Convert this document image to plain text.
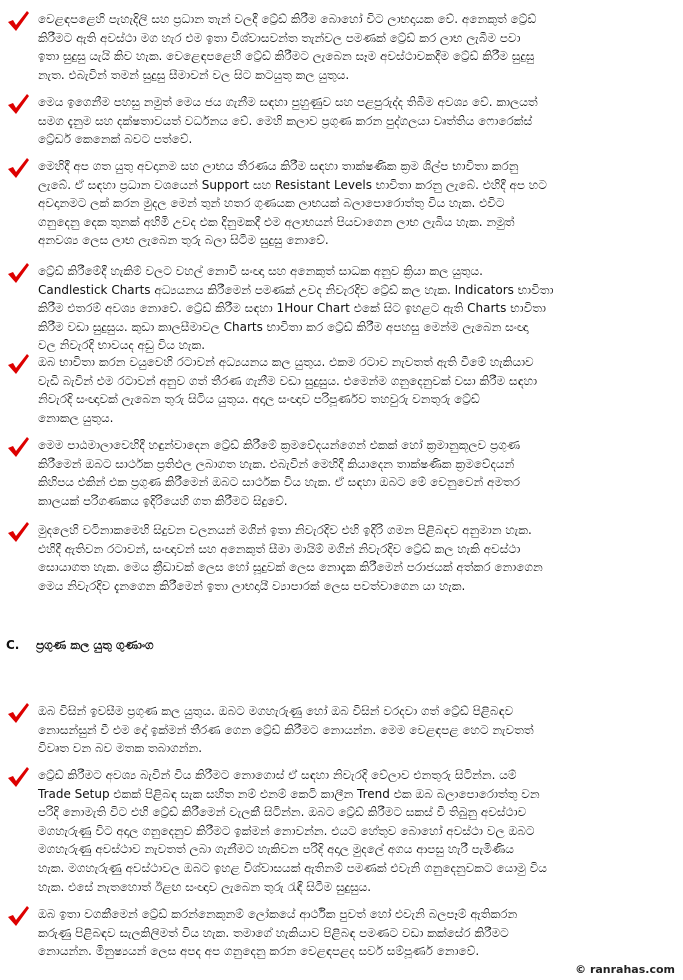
වෙළඳපළෙහි පැහැදිලි සහ ප්‍රධාන තැන් වලදී ට්‍රේඩ් කිරීම බොහෝ විට ලාභදායක වේ. අනෙකුත් ට්‍රේඩ්
කිරීමට ඇති අවස්ථා මග හැර එම ඉතා විශ්වාසවන්ත තැන්වල පමණක් ට්‍රේඩ් කර ලාභ ලැබීම පවා
ඉතා සුදුසු යැයි කිව හැක. වෙළෙඳපළෙහි ට්‍රේඩ් කිරීමට ලැබෙන සෑම අවස්ථාවකදීම ට්‍රේඩ් කිරීම සුදුසු
නැත. එබැවින් තමන් සුදුසු සීමාවන් වල සිට කටයුතු කල යුතුය.
මෙය ඉගෙනීම පහසු නමුත් මෙය ජය ගැනීම සඳහා පුහුණුව සහ පළපුරුද්ද තිබීම අවශ්‍ය වේ. කාලයත්
සමග දැනුම සහ දක්ෂතාවයත් වර්ධනය වේ. මෙහි කලාව ප්‍රගුණ කරන පුද්ගලයා වෘත්තිය ෆොරෙක්ස්
ට්‍රේඩර් කෙනෙක් බවට පත්වේ.
මෙහිදී අප ගත යුතු අවදානම සහ ලාභය තීරණය කිරීම සඳහා තාක්ෂණික ක්‍රම ශිල්ප භාවිතා කරනු
ලැබේ. ඒ සඳහා ප්‍රධාන වශයෙන් Support සහ Resistant Levels භාවිතා කරනු ලැබේ. එහිදී අප හට
අවදානමට ලක් කරන මුදල මෙන් තුන් හතර ගුණයක ලාභයක් බලාපොරොත්තු විය හැක. එවිට
ගනුදෙනු දෙක තුනක් අහිමි උවද එක දිනුමකදී එම අලාභයන් පියවාගෙන ලාභ ලැබිය හැක. නමුත්
අනවශ්‍ය ලෙස ලාභ ලැබෙන තුරු බලා සිටීම සුදුසු නොවේ.
ට්‍රේඩ් කිරීමේදී හැකිම් වලට වහල් නොවී සංඥා සහ අනෙකුත් සාධක අනුව ක්‍රියා කල යුතුය.
Candlestick Charts අධ්‍යයනය කිරීමෙන් පමණක් උවද නිවැරදිව ට්‍රේඩ් කල හැක. Indicators භාවිතා
කිරීම එතරම් අවශ්‍ය නොවේ. ට්‍රේඩ් කිරීම සඳහා 1Hour Chart එකේ සිට ඉහළට ඇති Charts භාවිතා
කිරීම වඩා සුදුසුය. කුඩා කාලසීමාවල Charts භාවිතා කර ට්‍රේඩ් කිරීම අපහසු මෙන්ම ලැබෙන සංඥා
වල නිවැරදි භාවයද අඩු විය හැක.
ඔබ භාවිතා කරන වයුවෙහි රටාවන් අධ්‍යයනය කල යුතුය. එකම රටාව නැවතත් ඇති වීමේ හැකියාව
වැඩි බැවින් එම රටාවන් අනුව ගත් තීරණ ගැනීම වඩා සුදුසුය. එමෙන්ම ගනුදෙනුවක් වසා කිරීම සඳහා
නිවැරදි සංඥාවක් ලැබෙන තුරු සිටිය යුතුය. අදාල සංඥාව පරිපූර්ණව තහවුරු වනතුරු ට්‍රේඩ්
නොකල යුතුය.
මෙම පාඨමාලාවෙහිදී හඳුන්වාදෙන ට්‍රේඩ් කිරීමේ ක්‍රමවේදයන්ගෙන් එකක් හෝ ක්‍රමානුකූලව ප්‍රගුණ
කිරීමෙන් ඔබට සාර්ථක ප්‍රතිඵල ලබාගත හැක. එබැවින් මෙහිදී කියාදෙන තාක්ෂණික ක්‍රමවේදයන්
කිහිපය එකින් එක ප්‍රගුණ කිරීමෙන් ඔබට සාර්ථක විය හැක. ඒ සඳහා ඔබට මේ වෙනුවෙන් අමතර
කාලයක් පරිගණකය ඉදිරියෙහි ගත කිරීමට සිදුවේ.
මුදලෙහි වටිනාකමෙහි සිදුවන චලනයන් මගින් ඉතා නිවැරදිව එහි ඉදිරි ගමන පිළිබඳව අනුමාන හැක.
එහිදී ඇතිවන රටාවන්, සංඥාවන් සහ අනෙකුත් සීමා මායිම් මගින් නිවැරදිව ට්‍රේඩ් කල හැකි අවස්ථා
සොයාගත හැක. මෙය ක්‍රීඩාවක් ලෙස හෝ සූදුවක් ලෙස නොදැක කිරීමෙන් පරාජයක් අත්කර නොගෙන
මෙය නිවැරදිව දැනගෙන කිරීමෙන් ඉතා ලාභදායී ව්‍යාපාරක් ලෙස පවත්වාගෙන යා හැක.
C. ප්‍රගුණ කල යුතු ගුණාංග
ඔබ විසින් ඉවසීම ප්‍රගුණ කල යුතුය. ඔබට මගහැරුණු හෝ ඔබ විසින් වරදවා ගත් ට්‍රේඩ් පිළිබඳව
නොසන්සුන් වී එම දෝ ඉක්මන් තීරණ ගෙන ට්‍රේඩ් කිරීමට නොයන්න. මෙම වෙළඳපළ හෙට නැවතත්
විවෘත වන බව මතක තබාගන්න.
ට්‍රේඩ් කිරීමට අවශ්‍ය බැවින් විය කිරීමට නොගොස් ඒ සඳහා නිවැරදි වේලාව එනතුරු සිටින්න. යම්
Trade Setup එකක් පිළිබඳ සැක සහිත නම් එනම් කෙටි කාලීන Trend එක ඔබ බලාපොරොත්තු වන
පරිදි නොමැති විට එහි ට්‍රේඩ් කිරීමෙන් වැලකී සිටින්න. ඔබට ට්‍රේඩ් කිරීමට සකස් වී තිබුනු අවස්ථාව
මගහැරුණු විට අදාල ගනුදෙනුව කිරීමට ඉක්මන් නොවන්න. එයට හේතුව බොහෝ අවස්ථා වල ඔබට
මගහැරුණු අවස්ථාව නැවතත් ලබා ගැනීමට හැකිවන පරිදි අදාල මුදලේ අගය ආපසු හැරී පැමිණිය
හැක. මගහැරුණු අවස්ථාවල ඔබට ඉහළ විශ්වාසයක් ඇතිනම් පමණක් එවැනි ගනුදෙනුවකට යොමු විය
හැක. එසේ නැතහොත් ඊළඟ සංඥාව ලැබෙන තුරු රැඳී සිටීම සුදුසුය.
ඔබ ඉතා වගකීමෙන් ට්‍රේඩ් කරන්නෙකුනම් ලෝකයේ ආර්ථික පුවත් හෝ එවැනි බලපෑම් ඇතිකරන
කරුණු පිළිබඳව සැලකිලිමත් විය හැක. තමාගේ හැකියාව පිළිබඳ පමණට වඩා කක්සේර කිරීමට
නොයන්න. මිනුෂ්‍යයන් ලෙස අපද අප ගනුදෙනු කරන වෙළඳපළද සර්ව සම්පූර්ණ නොවේ.
© ranrahas.com
